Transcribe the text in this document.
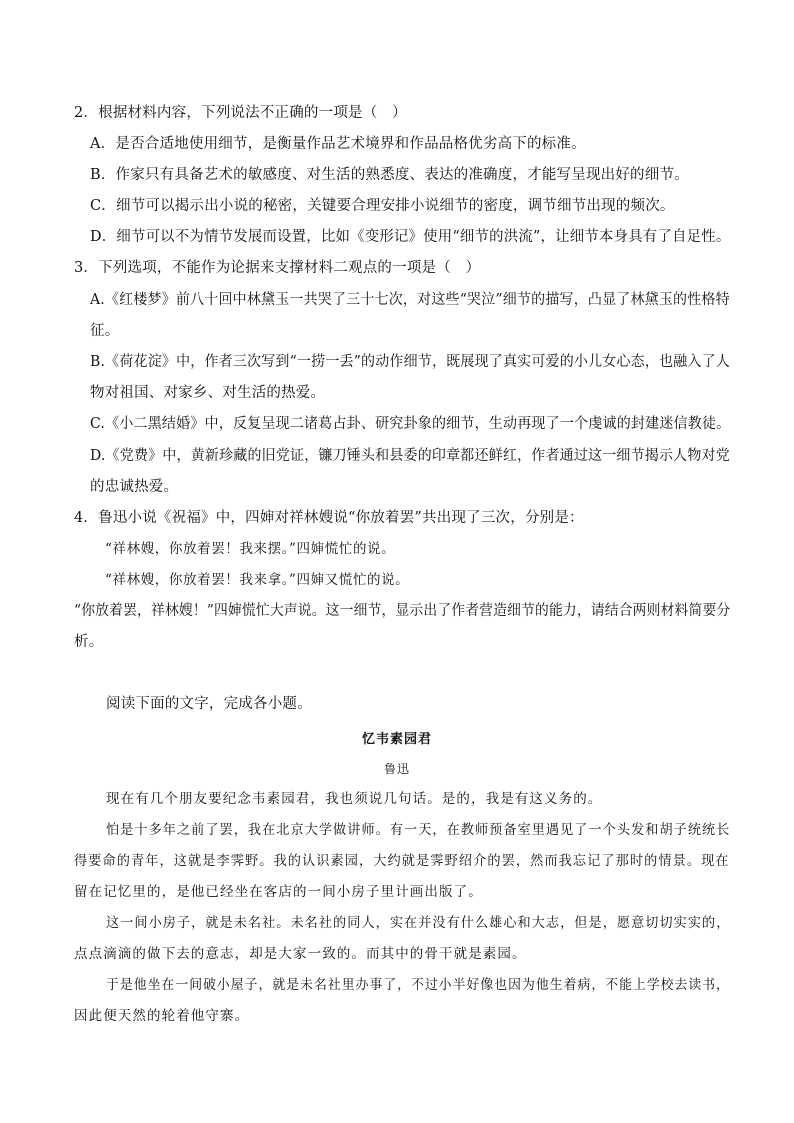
2．根据材料内容，下列说法不正确的一项是（　）
A．是否合适地使用细节，是衡量作品艺术境界和作品品格优劣高下的标准。
B．作家只有具备艺术的敏感度、对生活的熟悉度、表达的准确度，才能写呈现出好的细节。
C．细节可以揭示出小说的秘密，关键要合理安排小说细节的密度，调节细节出现的频次。
D．细节可以不为情节发展而设置，比如《变形记》使用“细节的洪流”，让细节本身具有了自足性。
3．下列选项，不能作为论据来支撑材料二观点的一项是（　）
A.《红楼梦》前八十回中林黛玉一共哭了三十七次，对这些“哭泣”细节的描写，凸显了林黛玉的性格特
征。
B.《荷花淀》中，作者三次写到“一捞一丢”的动作细节，既展现了真实可爱的小儿女心态，也融入了人
物对祖国、对家乡、对生活的热爱。
C.《小二黑结婚》中，反复呈现二诸葛占卦、研究卦象的细节，生动再现了一个虔诚的封建迷信教徒。
D.《党费》中，黄新珍藏的旧党证，镰刀锤头和县委的印章都还鲜红，作者通过这一细节揭示人物对党
的忠诚热爱。
4．鲁迅小说《祝福》中，四婶对祥林嫂说“你放着罢”共出现了三次，分别是：
“祥林嫂，你放着罢！我来摆。”四婶慌忙的说。
“祥林嫂，你放着罢！我来拿。”四婶又慌忙的说。
“你放着罢，祥林嫂！”四婶慌忙大声说。这一细节，显示出了作者营造细节的能力，请结合两则材料简要分
析。
阅读下面的文字，完成各小题。
忆韦素园君
鲁迅
现在有几个朋友要纪念韦素园君，我也须说几句话。是的，我是有这义务的。
怕是十多年之前了罢，我在北京大学做讲师。有一天，在教师预备室里遇见了一个头发和胡子统统长
得要命的青年，这就是李霁野。我的认识素园，大约就是霁野绍介的罢，然而我忘记了那时的情景。现在
留在记忆里的，是他已经坐在客店的一间小房子里计画出版了。
这一间小房子，就是未名社。未名社的同人，实在并没有什么雄心和大志，但是，愿意切切实实的，
点点滴滴的做下去的意志，却是大家一致的。而其中的骨干就是素园。
于是他坐在一间破小屋子，就是未名社里办事了，不过小半好像也因为他生着病，不能上学校去读书，
因此便天然的轮着他守寨。
